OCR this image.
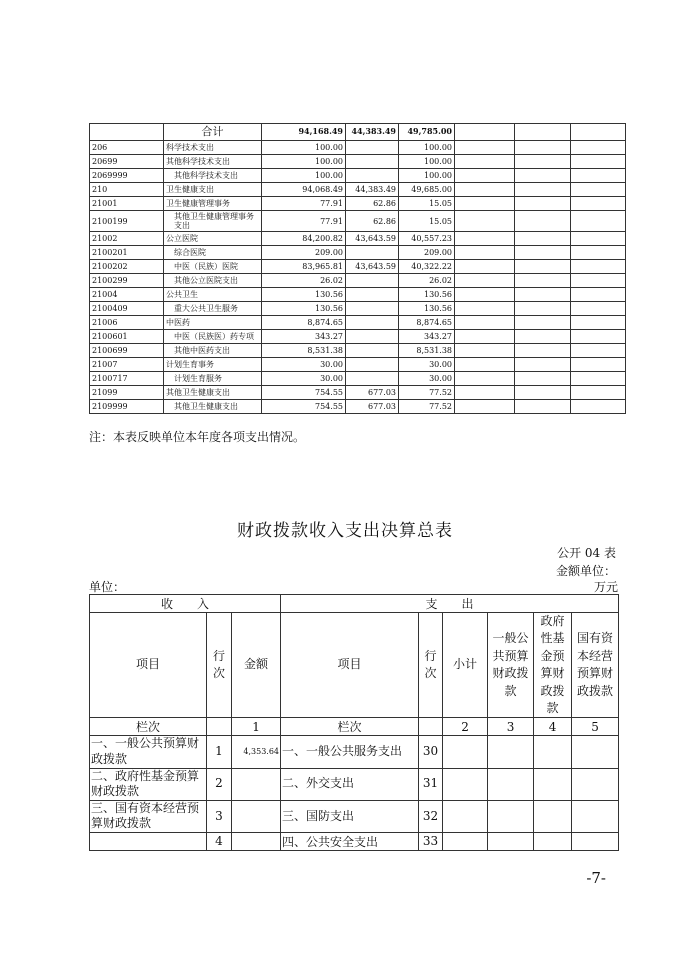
	合计	94,168.49	44,383.49	49,785.00			
206	科学技术支出	100.00		100.00			
20699	其他科学技术支出	100.00		100.00			
2069999	其他科学技术支出	100.00		100.00			
210	卫生健康支出	94,068.49	44,383.49	49,685.00			
21001	卫生健康管理事务	77.91	62.86	15.05			
2100199	其他卫生健康管理事务支出	77.91	62.86	15.05			
21002	公立医院	84,200.82	43,643.59	40,557.23			
2100201	综合医院	209.00		209.00			
2100202	中医（民族）医院	83,965.81	43,643.59	40,322.22			
2100299	其他公立医院支出	26.02		26.02			
21004	公共卫生	130.56		130.56			
2100409	重大公共卫生服务	130.56		130.56			
21006	中医药	8,874.65		8,874.65			
2100601	中医（民族医）药专项	343.27		343.27			
2100699	其他中医药支出	8,531.38		8,531.38			
21007	计划生育事务	30.00		30.00			
2100717	计划生育服务	30.00		30.00			
21099	其他卫生健康支出	754.55	677.03	77.52			
2109999	其他卫生健康支出	754.55	677.03	77.52			
注：本表反映单位本年度各项支出情况。
财政拨款收入支出决算总表
公开 04 表
金额单位：
单位：	万元
收　　入			支　　出					
项目	行次	金额	项目	行次	小计	一般公共预算财政拨款	政府性基金预算财政拨款	国有资本经营预算财政拨款
栏次		1	栏次		2	3	4	5
一、一般公共预算财政拨款	1	4,353.64	一、一般公共服务支出	30				
二、政府性基金预算财政拨款	2		二、外交支出	31				
三、国有资本经营预算财政拨款	3		三、国防支出	32				
	4		四、公共安全支出	33				
-7-
